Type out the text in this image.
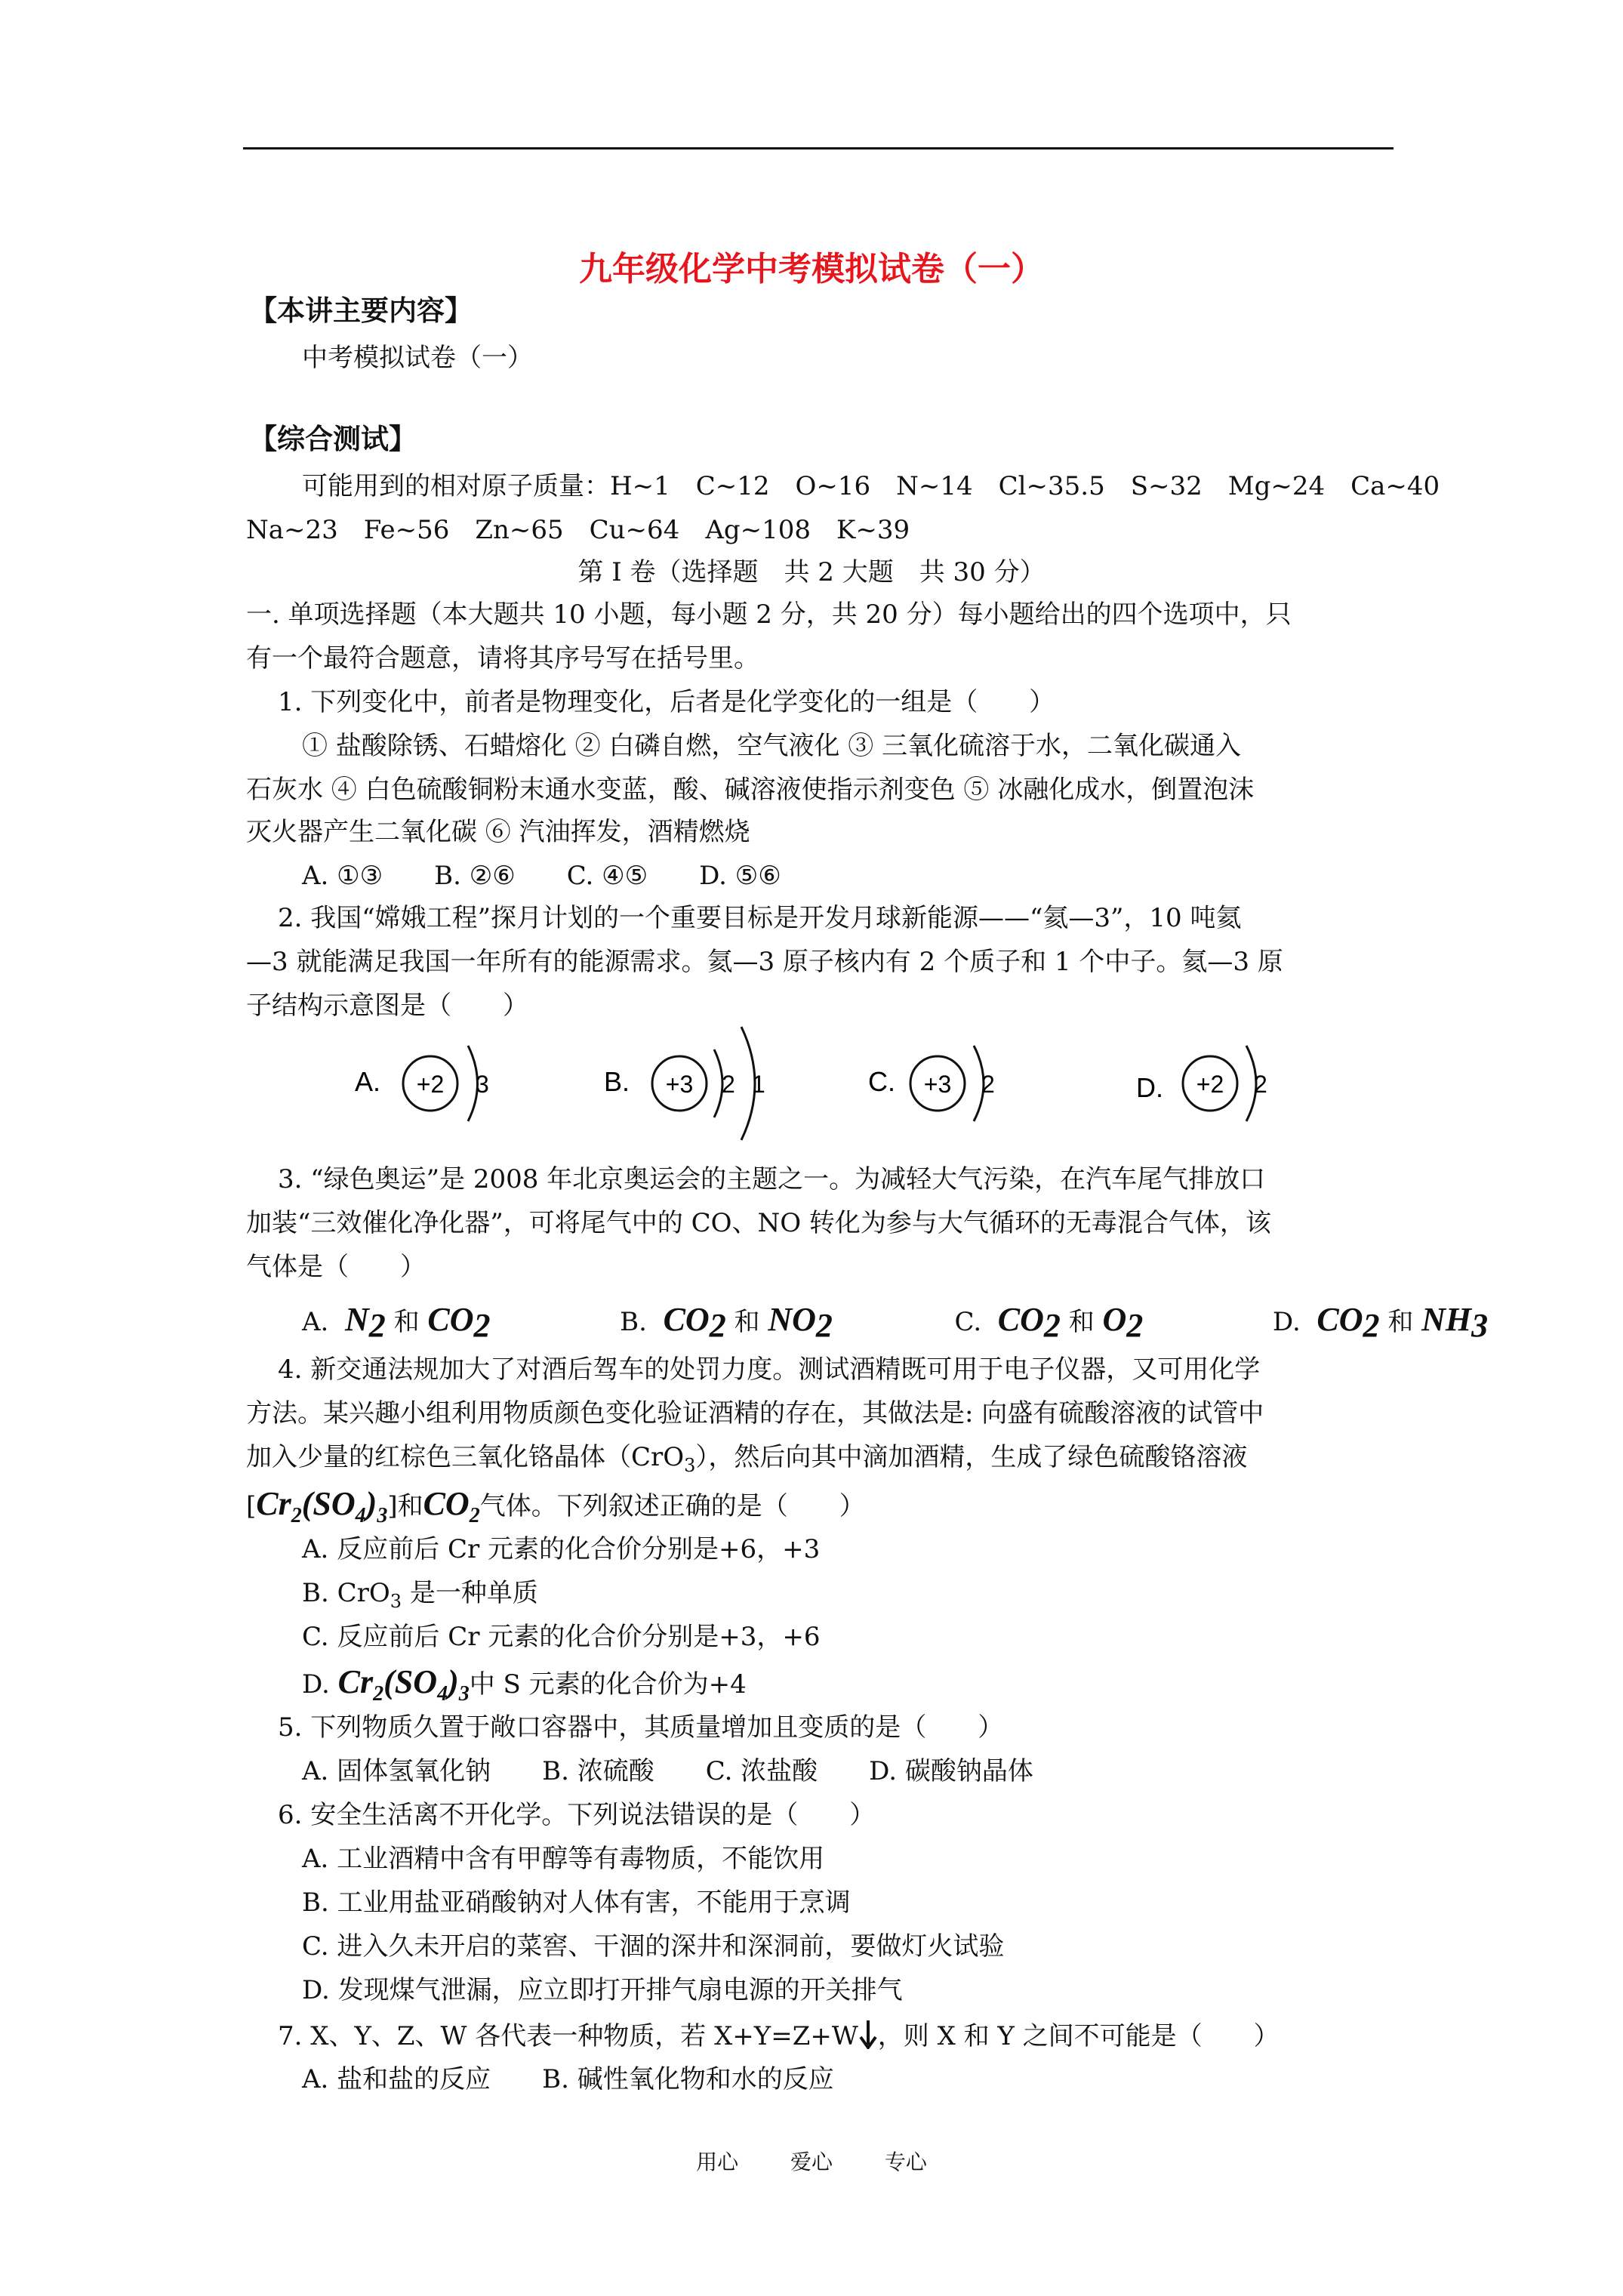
九年级化学中考模拟试卷（一）
【本讲主要内容】
中考模拟试卷（一）
【综合测试】
可能用到的相对原子质量：H~1　C~12　O~16　N~14　Cl~35.5　S~32　Mg~24　Ca~40
Na~23　Fe~56　Zn~65　Cu~64　Ag~108　K~39
第 I 卷（选择题　共 2 大题　共 30 分）
一. 单项选择题（本大题共 10 小题，每小题 2 分，共 20 分）每小题给出的四个选项中，只
有一个最符合题意，请将其序号写在括号里。
1. 下列变化中，前者是物理变化，后者是化学变化的一组是（　　）
① 盐酸除锈、石蜡熔化 ② 白磷自燃，空气液化 ③ 三氧化硫溶于水，二氧化碳通入
石灰水 ④ 白色硫酸铜粉末通水变蓝，酸、碱溶液使指示剂变色 ⑤ 冰融化成水，倒置泡沫
灭火器产生二氧化碳 ⑥ 汽油挥发，酒精燃烧
A. ①③　　B. ②⑥　　C. ④⑤　　D. ⑤⑥
2. 我国“嫦娥工程”探月计划的一个重要目标是开发月球新能源——“氦—3”，10 吨氦
—3 就能满足我国一年所有的能源需求。氦—3 原子核内有 2 个质子和 1 个中子。氦—3 原
子结构示意图是（　　）
A. +2 3	B. +3 2 1	C. +3 2	D. +2 2
3. “绿色奥运”是 2008 年北京奥运会的主题之一。为减轻大气污染，在汽车尾气排放口
加装“三效催化净化器”，可将尾气中的 CO、NO 转化为参与大气循环的无毒混合气体，该
气体是（　　）
A. $N_2$ 和 $CO_2$	B. $CO_2$ 和 $NO_2$	C. $CO_2$ 和 $O_2$	D. $CO_2$ 和 $NH_3$
4. 新交通法规加大了对酒后驾车的处罚力度。测试酒精既可用于电子仪器，又可用化学
方法。某兴趣小组利用物质颜色变化验证酒精的存在，其做法是: 向盛有硫酸溶液的试管中
加入少量的红棕色三氧化铬晶体（CrO$_3$），然后向其中滴加酒精，生成了绿色硫酸铬溶液
$[Cr_2(SO_4)_3]$和$CO_2$气体。下列叙述正确的是（　　）
A. 反应前后 Cr 元素的化合价分别是+6，+3
B. CrO$_3$ 是一种单质
C. 反应前后 Cr 元素的化合价分别是+3，+6
D. $Cr_2(SO_4)_3$中 S 元素的化合价为+4
5. 下列物质久置于敞口容器中，其质量增加且变质的是（　　）
A. 固体氢氧化钠　　B. 浓硫酸　　C. 浓盐酸　　D. 碳酸钠晶体
6. 安全生活离不开化学。下列说法错误的是（　　）
A. 工业酒精中含有甲醇等有毒物质，不能饮用
B. 工业用盐亚硝酸钠对人体有害，不能用于烹调
C. 进入久未开启的菜窖、干涸的深井和深洞前，要做灯火试验
D. 发现煤气泄漏，应立即打开排气扇电源的开关排气
7. X、Y、Z、W 各代表一种物质，若 X+Y=Z+W ，则 X 和 Y 之间不可能是（　　）
A. 盐和盐的反应　　B. 碱性氧化物和水的反应
用心 爱心 专心
